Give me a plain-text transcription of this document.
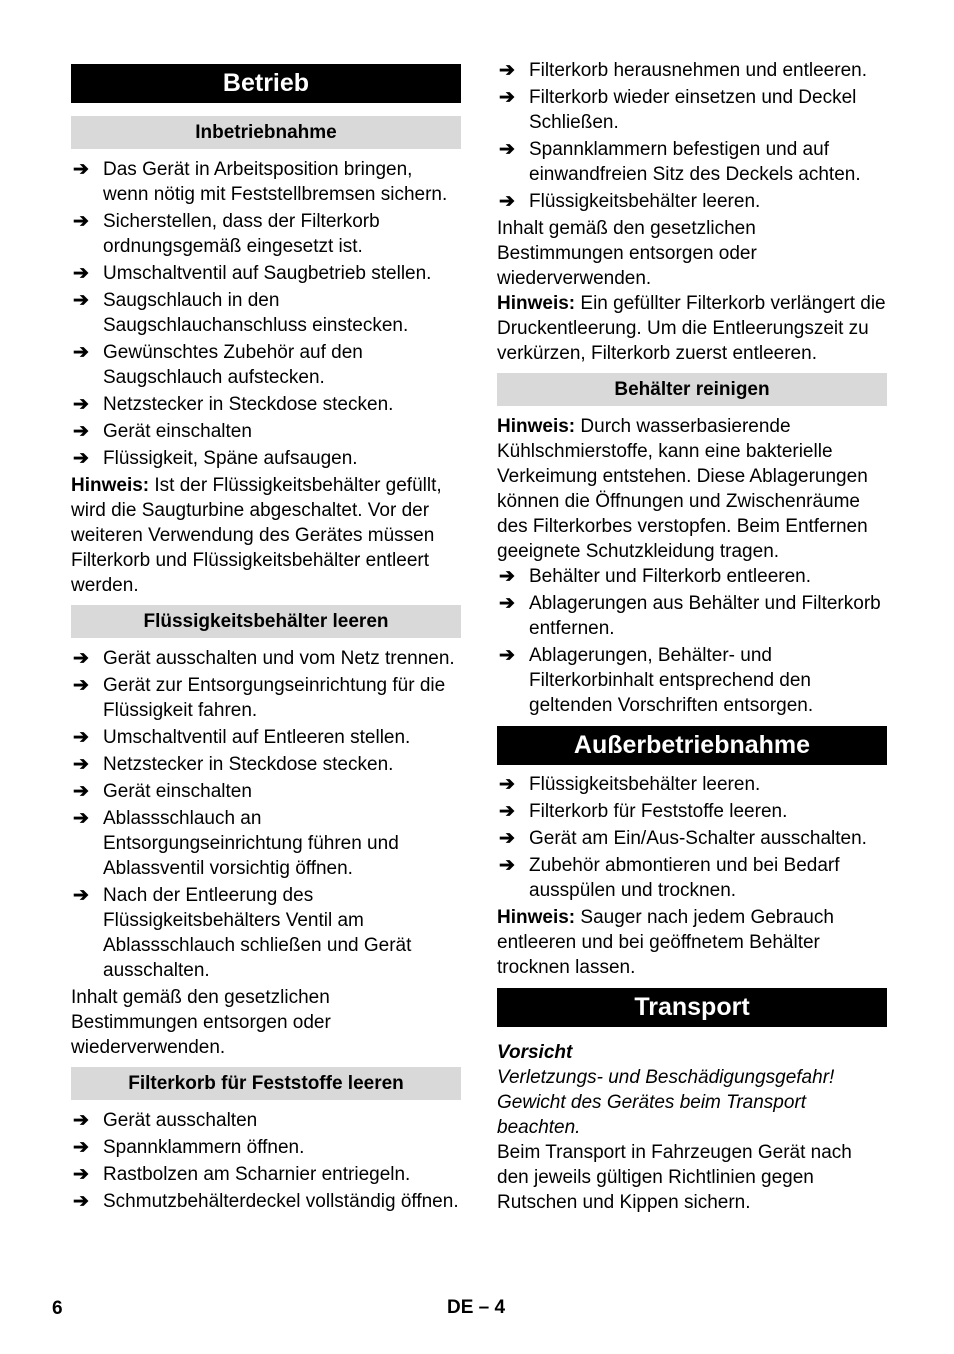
Betrieb
Inbetriebnahme
➔ Das Gerät in Arbeitsposition bringen, wenn nötig mit Feststellbremsen sichern.
➔ Sicherstellen, dass der Filterkorb ordnungsgemäß eingesetzt ist.
➔ Umschaltventil auf Saugbetrieb stellen.
➔ Saugschlauch in den Saugschlauchanschluss einstecken.
➔ Gewünschtes Zubehör auf den Saugschlauch aufstecken.
➔ Netzstecker in Steckdose stecken.
➔ Gerät einschalten
➔ Flüssigkeit, Späne aufsaugen.

Hinweis: Ist der Flüssigkeitsbehälter gefüllt, wird die Saugturbine abgeschaltet. Vor der weiteren Verwendung des Gerätes müssen Filterkorb und Flüssigkeitsbehälter entleert werden.

Flüssigkeitsbehälter leeren
➔ Gerät ausschalten und vom Netz trennen.
➔ Gerät zur Entsorgungseinrichtung für die Flüssigkeit fahren.
➔ Umschaltventil auf Entleeren stellen.
➔ Netzstecker in Steckdose stecken.
➔ Gerät einschalten
➔ Ablassschlauch an Entsorgungseinrichtung führen und Ablassventil vorsichtig öffnen.
➔ Nach der Entleerung des Flüssigkeitsbehälters Ventil am Ablassschlauch schließen und Gerät ausschalten.

Inhalt gemäß den gesetzlichen Bestimmungen entsorgen oder wiederverwenden.

Filterkorb für Feststoffe leeren
➔ Gerät ausschalten
➔ Spannklammern öffnen.
➔ Rastbolzen am Scharnier entriegeln.
➔ Schmutzbehälterdeckel vollständig öffnen.
➔ Filterkorb herausnehmen und entleeren.
➔ Filterkorb wieder einsetzen und Deckel Schließen.
➔ Spannklammern befestigen und auf einwandfreien Sitz des Deckels achten.
➔ Flüssigkeitsbehälter leeren.

Inhalt gemäß den gesetzlichen Bestimmungen entsorgen oder wiederverwenden.

Hinweis: Ein gefüllter Filterkorb verlängert die Druckentleerung. Um die Entleerungszeit zu verkürzen, Filterkorb zuerst entleeren.

Behälter reinigen

Hinweis: Durch wasserbasierende Kühlschmierstoffe, kann eine bakterielle Verkeimung entstehen. Diese Ablagerungen können die Öffnungen und Zwischenräume des Filterkorbes verstopfen. Beim Entfernen geeignete Schutzkleidung tragen.

➔ Behälter und Filterkorb entleeren.
➔ Ablagerungen aus Behälter und Filterkorb entfernen.
➔ Ablagerungen, Behälter- und Filterkorbinhalt entsprechend den geltenden Vorschriften entsorgen.
Außerbetriebnahme
➔ Flüssigkeitsbehälter leeren.
➔ Filterkorb für Feststoffe leeren.
➔ Gerät am Ein/Aus-Schalter ausschalten.
➔ Zubehör abmontieren und bei Bedarf ausspülen und trocknen.

Hinweis: Sauger nach jedem Gebrauch entleeren und bei geöffnetem Behälter trocknen lassen.

Transport

Vorsicht

Verletzungs- und Beschädigungsgefahr! Gewicht des Gerätes beim Transport beachten.

Beim Transport in Fahrzeugen Gerät nach den jeweils gültigen Richtlinien gegen Rutschen und Kippen sichern.

6	DE – 4
